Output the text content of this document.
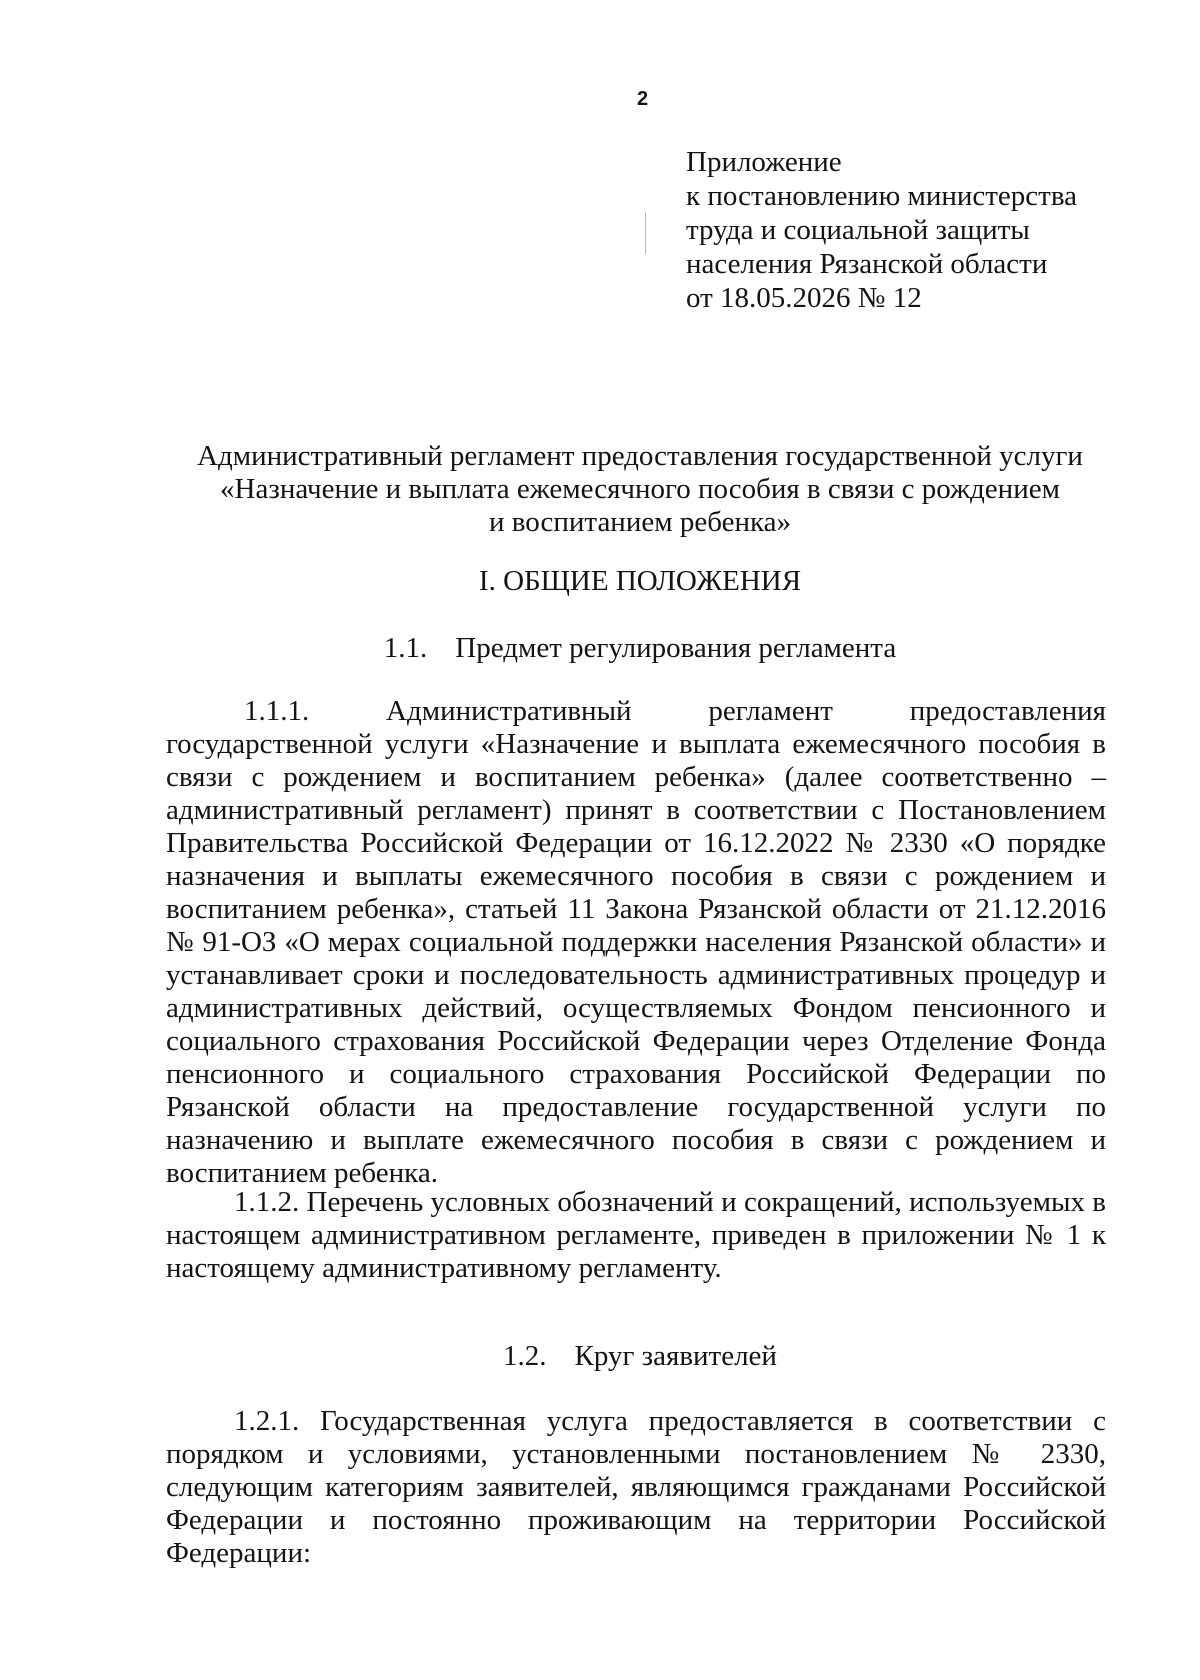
2
Приложение
к постановлению министерства
труда и социальной защиты
населения Рязанской области
от 18.05.2026 № 12
Административный регламент предоставления государственной услуги
«Назначение и выплата ежемесячного пособия в связи с рождением
и воспитанием ребенка»
I. ОБЩИЕ ПОЛОЖЕНИЯ
1.1. Предмет регулирования регламента

1.1.1. Административный регламент предоставления государственной услуги «Назначение и выплата ежемесячного пособия в связи с рождением и воспитанием ребенка» (далее соответственно – административный регламент) принят в соответствии с Постановлением Правительства Российской Федерации от 16.12.2022 № 2330 «О порядке назначения и выплаты ежемесячного пособия в связи с рождением и воспитанием ребенка», статьей 11 Закона Рязанской области от 21.12.2016 № 91-ОЗ «О мерах социальной поддержки населения Рязанской области» и устанавливает сроки и последовательность административных процедур и административных действий, осуществляемых Фондом пенсионного и социального страхования Российской Федерации через Отделение Фонда пенсионного и социального страхования Российской Федерации по Рязанской области на предоставление государственной услуги по назначению и выплате ежемесячного пособия в связи с рождением и воспитанием ребенка.

1.1.2. Перечень условных обозначений и сокращений, используемых в настоящем административном регламенте, приведен в приложении № 1 к настоящему административному регламенту.

1.2. Круг заявителей

1.2.1. Государственная услуга предоставляется в соответствии с порядком и условиями, установленными постановлением № 2330, следующим категориям заявителей, являющимся гражданами Российской Федерации и постоянно проживающим на территории Российской Федерации:
